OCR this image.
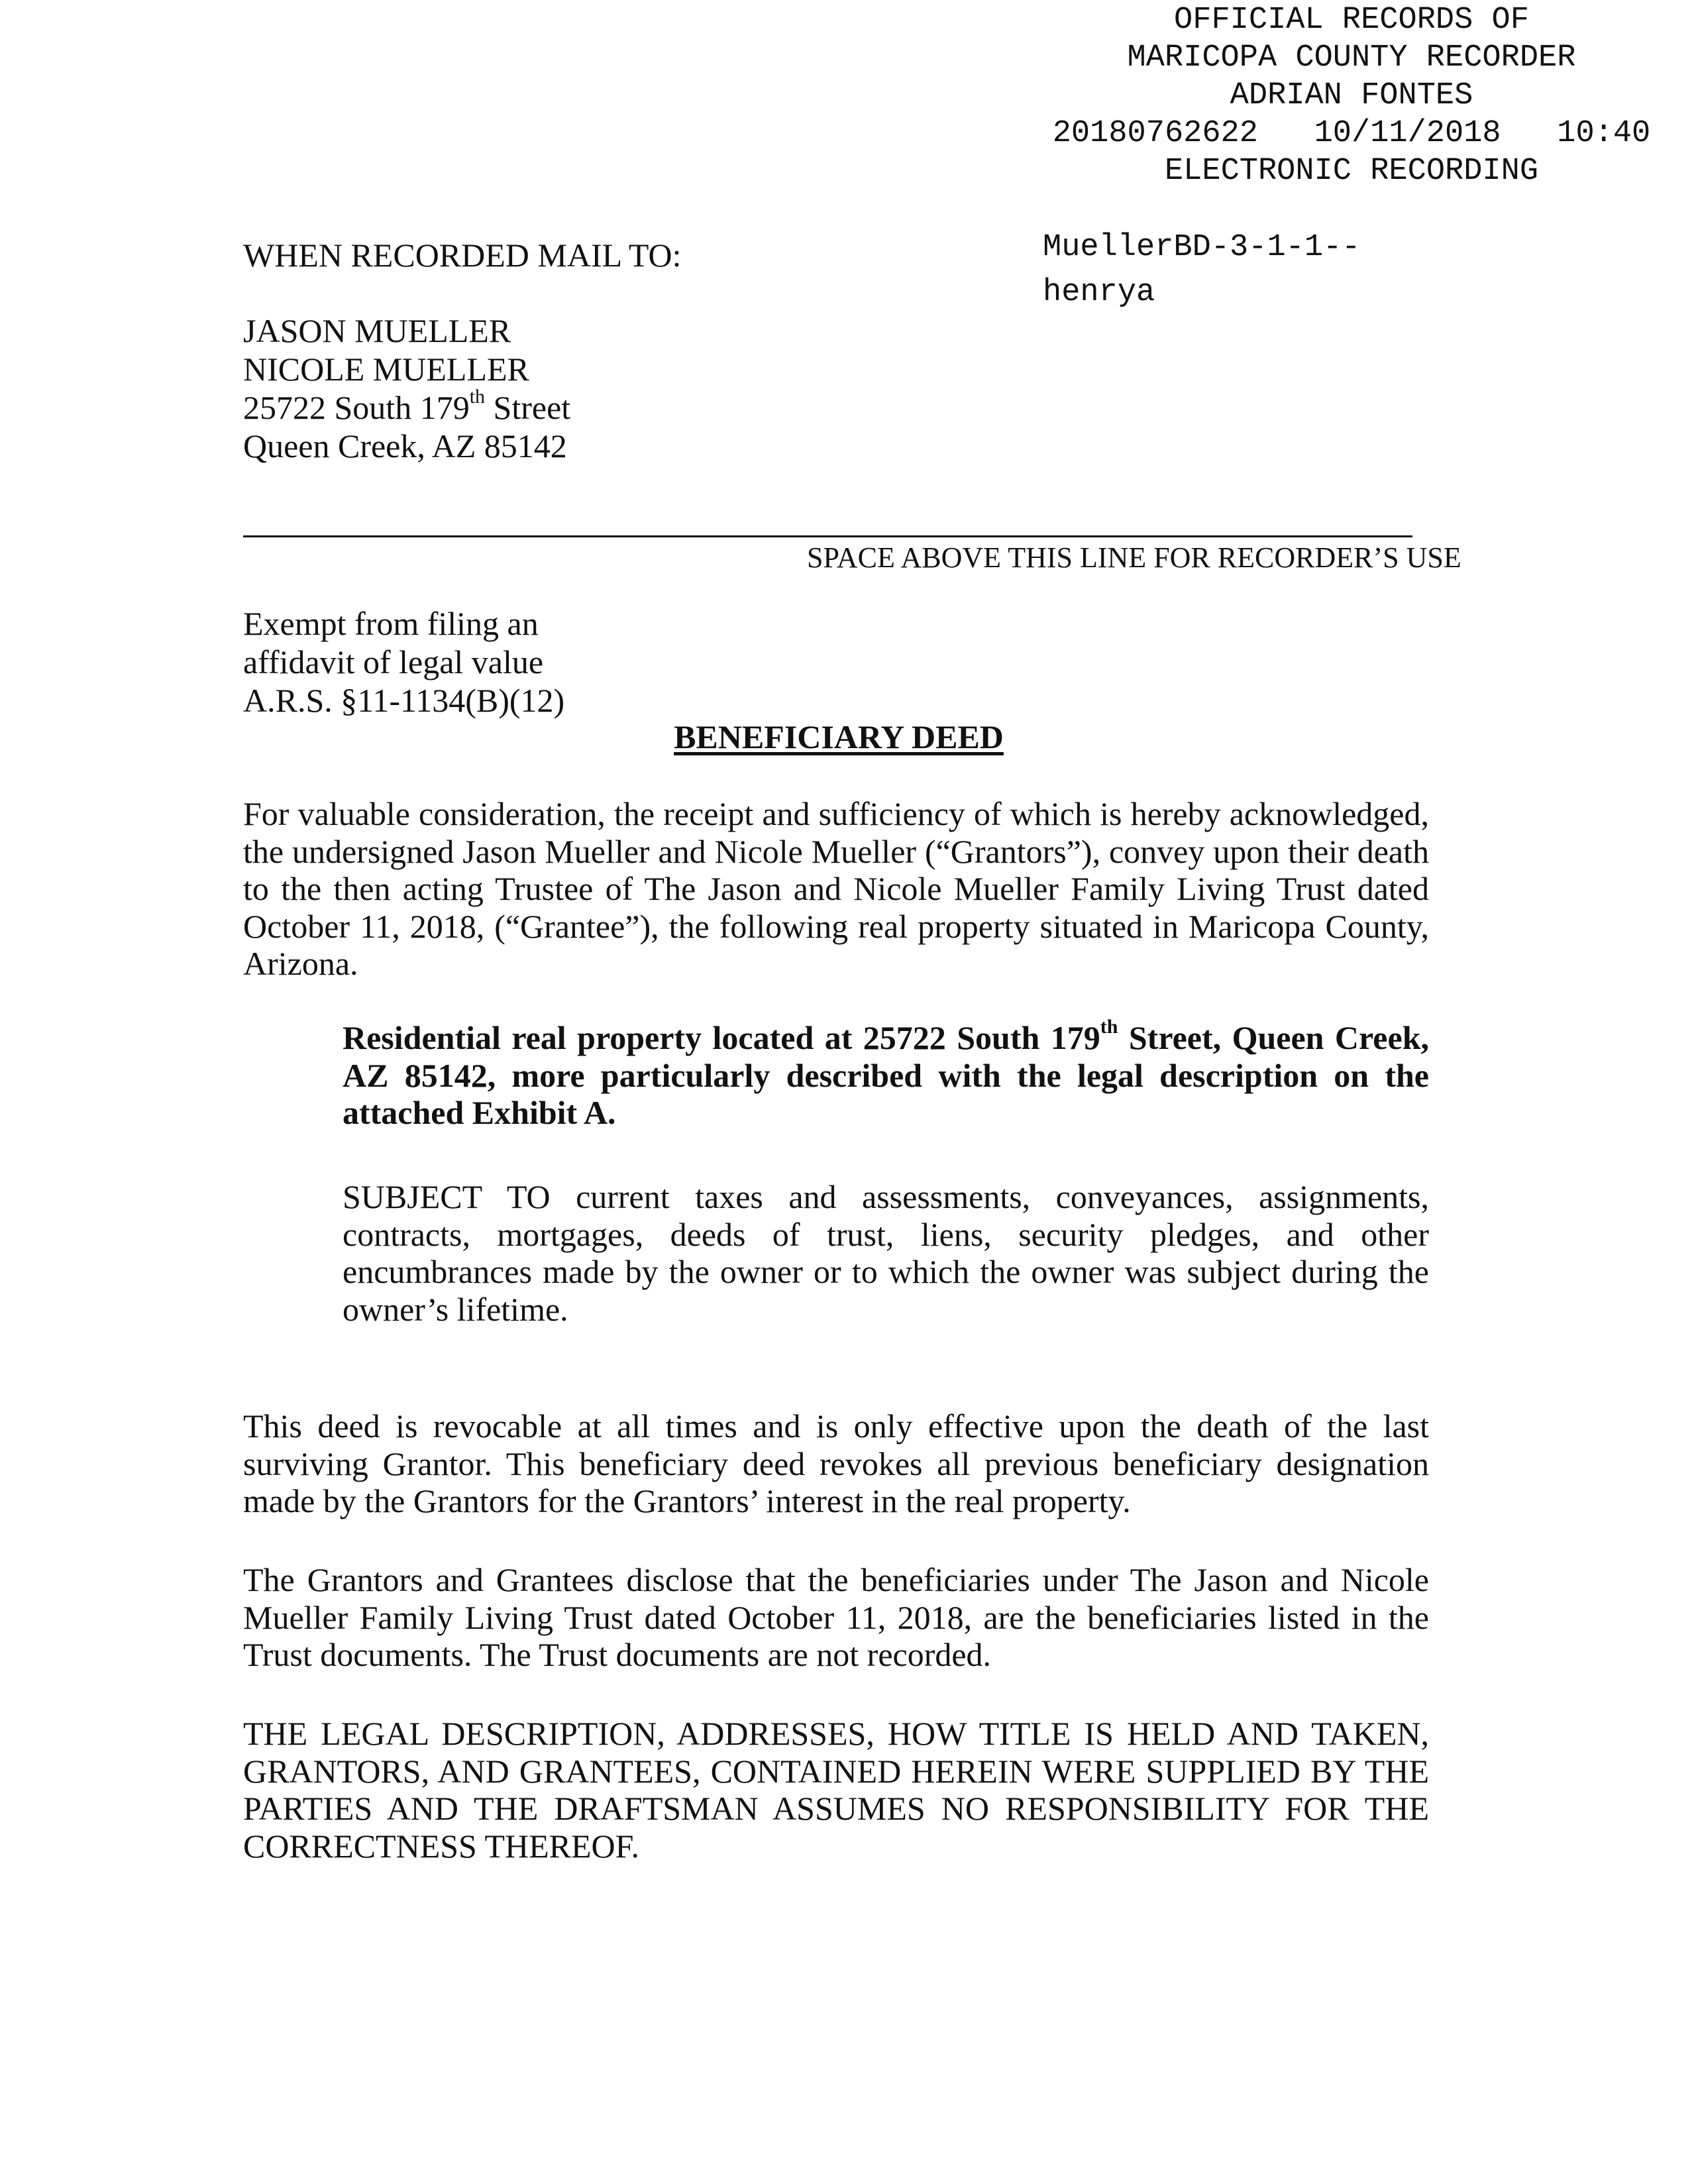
OFFICIAL RECORDS OF
MARICOPA COUNTY RECORDER
ADRIAN FONTES
20180762622   10/11/2018   10:40
ELECTRONIC RECORDING
MuellerBD-3-1-1--
henrya
WHEN RECORDED MAIL TO:
JASON MUELLER
NICOLE MUELLER
25722 South 179th Street
Queen Creek, AZ 85142
SPACE ABOVE THIS LINE FOR RECORDER’S USE
Exempt from filing an
affidavit of legal value
A.R.S. §11-1134(B)(12)
BENEFICIARY DEED
For valuable consideration, the receipt and sufficiency of which is hereby acknowledged, the undersigned Jason Mueller and Nicole Mueller (“Grantors”), convey upon their death to the then acting Trustee of The Jason and Nicole Mueller Family Living Trust dated October 11, 2018, (“Grantee”), the following real property situated in Maricopa County, Arizona.
Residential real property located at 25722 South 179th Street, Queen Creek, AZ 85142, more particularly described with the legal description on the attached Exhibit A.
SUBJECT TO current taxes and assessments, conveyances, assignments, contracts, mortgages, deeds of trust, liens, security pledges, and other encumbrances made by the owner or to which the owner was subject during the owner’s lifetime.
This deed is revocable at all times and is only effective upon the death of the last surviving Grantor. This beneficiary deed revokes all previous beneficiary designation made by the Grantors for the Grantors’ interest in the real property.
The Grantors and Grantees disclose that the beneficiaries under The Jason and Nicole Mueller Family Living Trust dated October 11, 2018, are the beneficiaries listed in the Trust documents. The Trust documents are not recorded.
THE LEGAL DESCRIPTION, ADDRESSES, HOW TITLE IS HELD AND TAKEN, GRANTORS, AND GRANTEES, CONTAINED HEREIN WERE SUPPLIED BY THE PARTIES AND THE DRAFTSMAN ASSUMES NO RESPONSIBILITY FOR THE CORRECTNESS THEREOF.
